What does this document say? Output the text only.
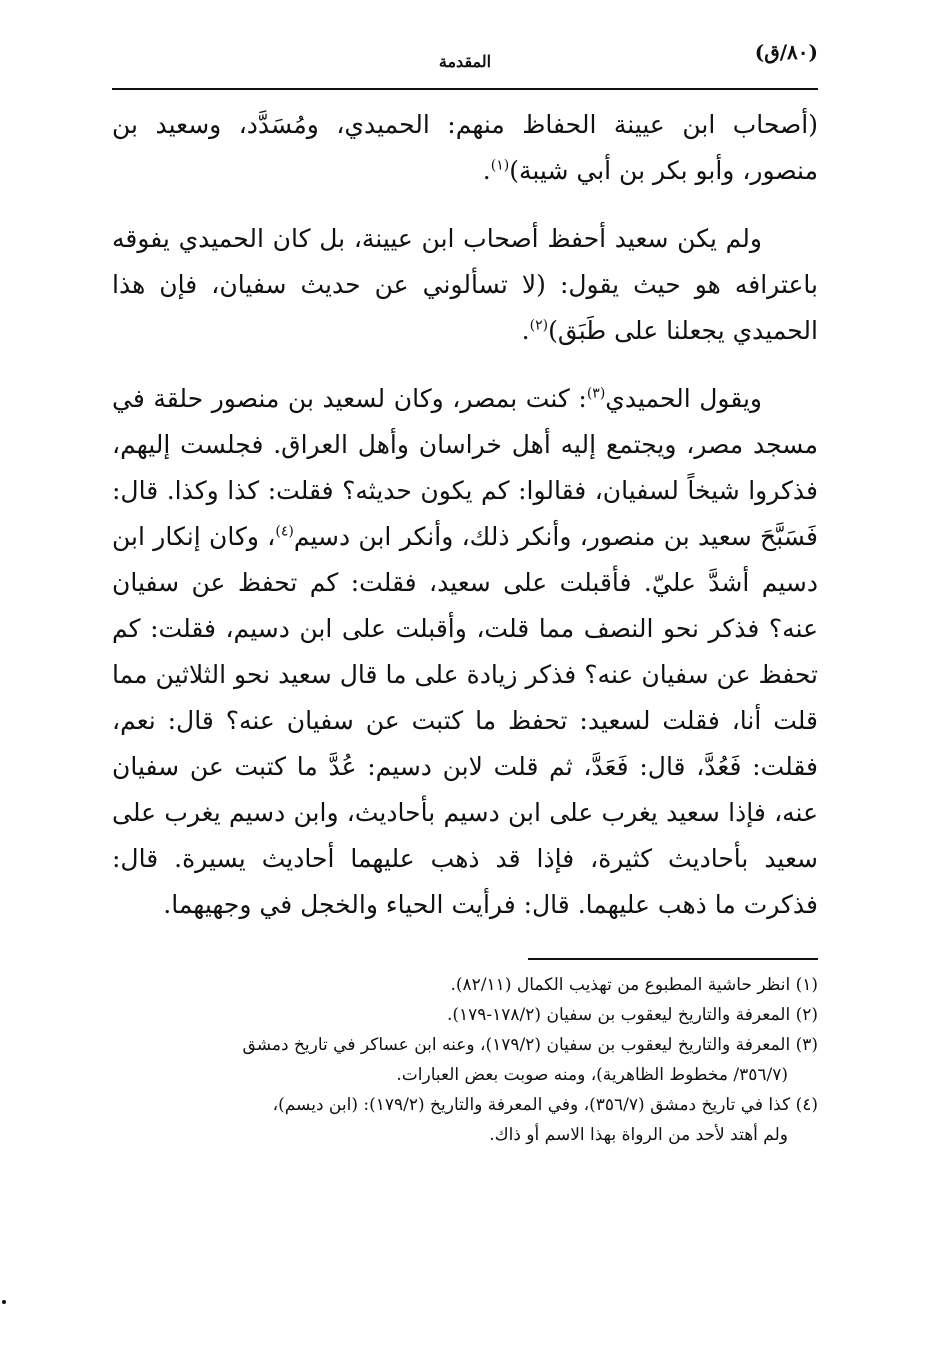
(٨٠/ق)
المقدمة

(أصحاب ابن عيينة الحفاظ منهم: الحميدي، ومُسَدَّد، وسعيد بن منصور، وأبو بكر بن أبي شيبة)$^{(١)}$.

ولم يكن سعيد أحفظ أصحاب ابن عيينة، بل كان الحميدي يفوقه باعترافه هو حيث يقول: (لا تسألوني عن حديث سفيان، فإن هذا الحميدي يجعلنا على طَبَق)$^{(٢)}$.

ويقول الحميدي$^{(٣)}$: كنت بمصر، وكان لسعيد بن منصور حلقة في مسجد مصر، ويجتمع إليه أهل خراسان وأهل العراق. فجلست إليهم، فذكروا شيخاً لسفيان، فقالوا: كم يكون حديثه؟ فقلت: كذا وكذا. قال: فَسَبَّحَ سعيد بن منصور، وأنكر ذلك، وأنكر ابن دسيم$^{(٤)}$، وكان إنكار ابن دسيم أشدَّ عليّ. فأقبلت على سعيد، فقلت: كم تحفظ عن سفيان عنه؟ فذكر نحو النصف مما قلت، وأقبلت على ابن دسيم، فقلت: كم تحفظ عن سفيان عنه؟ فذكر زيادة على ما قال سعيد نحو الثلاثين مما قلت أنا، فقلت لسعيد: تحفظ ما كتبت عن سفيان عنه؟ قال: نعم، فقلت: فَعُدَّ، قال: فَعَدَّ، ثم قلت لابن دسيم: عُدَّ ما كتبت عن سفيان عنه، فإذا سعيد يغرب على ابن دسيم بأحاديث، وابن دسيم يغرب على سعيد بأحاديث كثيرة، فإذا قد ذهب عليهما أحاديث يسيرة. قال: فذكرت ما ذهب عليهما. قال: فرأيت الحياء والخجل في وجهيهما.

(١) انظر حاشية المطبوع من تهذيب الكمال (٨٢/١١).

(٢) المعرفة والتاريخ ليعقوب بن سفيان (١٧٨/٢-١٧٩).

(٣) المعرفة والتاريخ ليعقوب بن سفيان (١٧٩/٢)، وعنه ابن عساكر في تاريخ دمشق
(٣٥٦/٧/ مخطوط الظاهرية)، ومنه صوبت بعض العبارات.

(٤) كذا في تاريخ دمشق (٣٥٦/٧)، وفي المعرفة والتاريخ (١٧٩/٢): (ابن ديسم)،
ولم أهتد لأحد من الرواة بهذا الاسم أو ذاك.
